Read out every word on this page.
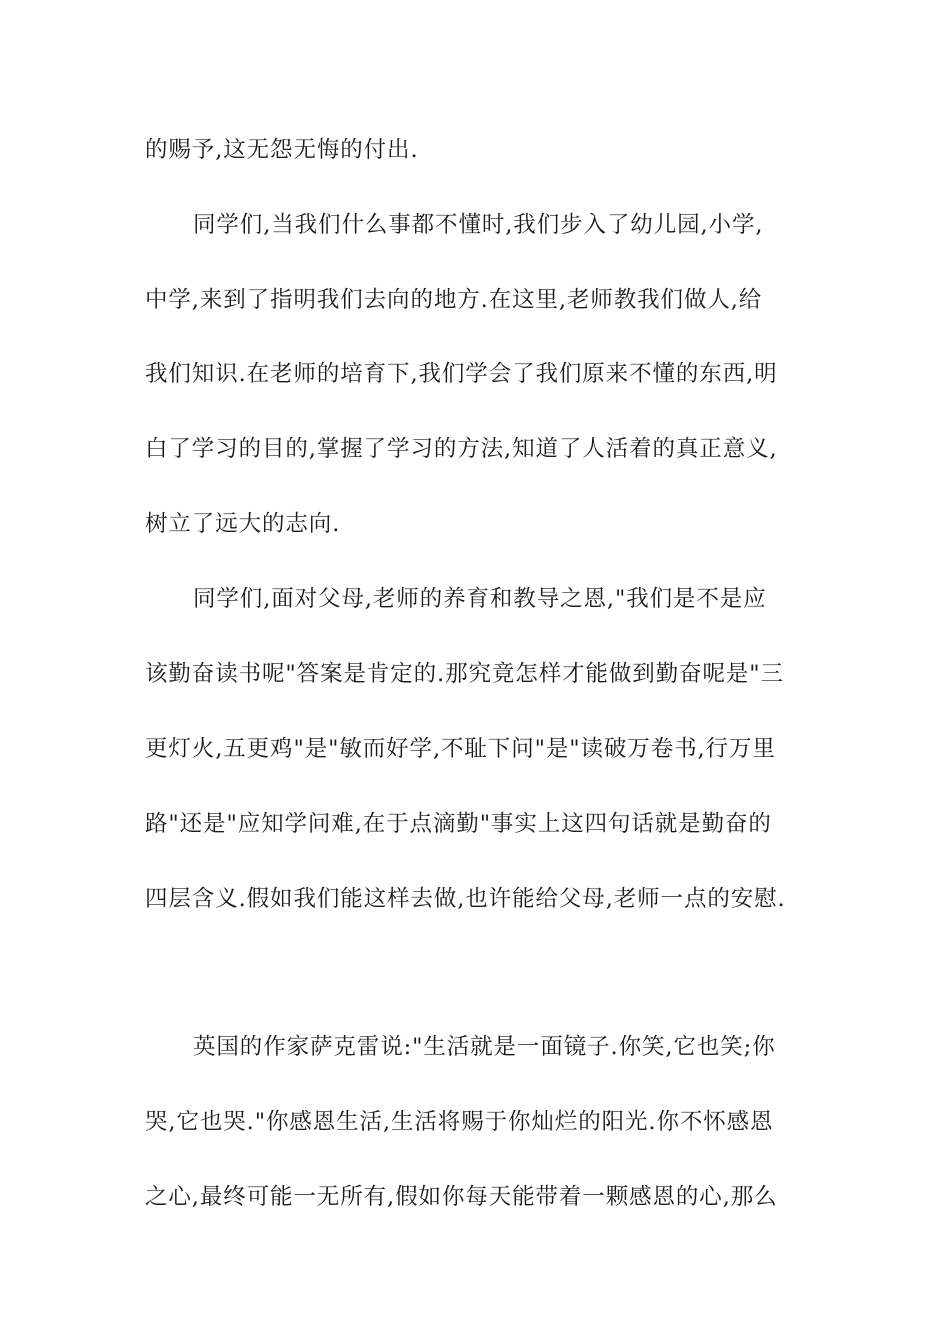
的赐予,这无怨无悔的付出.
同学们,当我们什么事都不懂时,我们步入了幼儿园,小学,
中学,来到了指明我们去向的地方.在这里,老师教我们做人,给
我们知识.在老师的培育下,我们学会了我们原来不懂的东西,明
白了学习的目的,掌握了学习的方法,知道了人活着的真正意义,
树立了远大的志向.
同学们,面对父母,老师的养育和教导之恩,"我们是不是应
该勤奋读书呢"答案是肯定的.那究竟怎样才能做到勤奋呢是"三
更灯火,五更鸡"是"敏而好学,不耻下问"是"读破万卷书,行万里
路"还是"应知学问难,在于点滴勤"事实上这四句话就是勤奋的
四层含义.假如我们能这样去做,也许能给父母,老师一点的安慰.
英国的作家萨克雷说:"生活就是一面镜子.你笑,它也笑;你
哭,它也哭."你感恩生活,生活将赐于你灿烂的阳光.你不怀感恩
之心,最终可能一无所有,假如你每天能带着一颗感恩的心,那么
